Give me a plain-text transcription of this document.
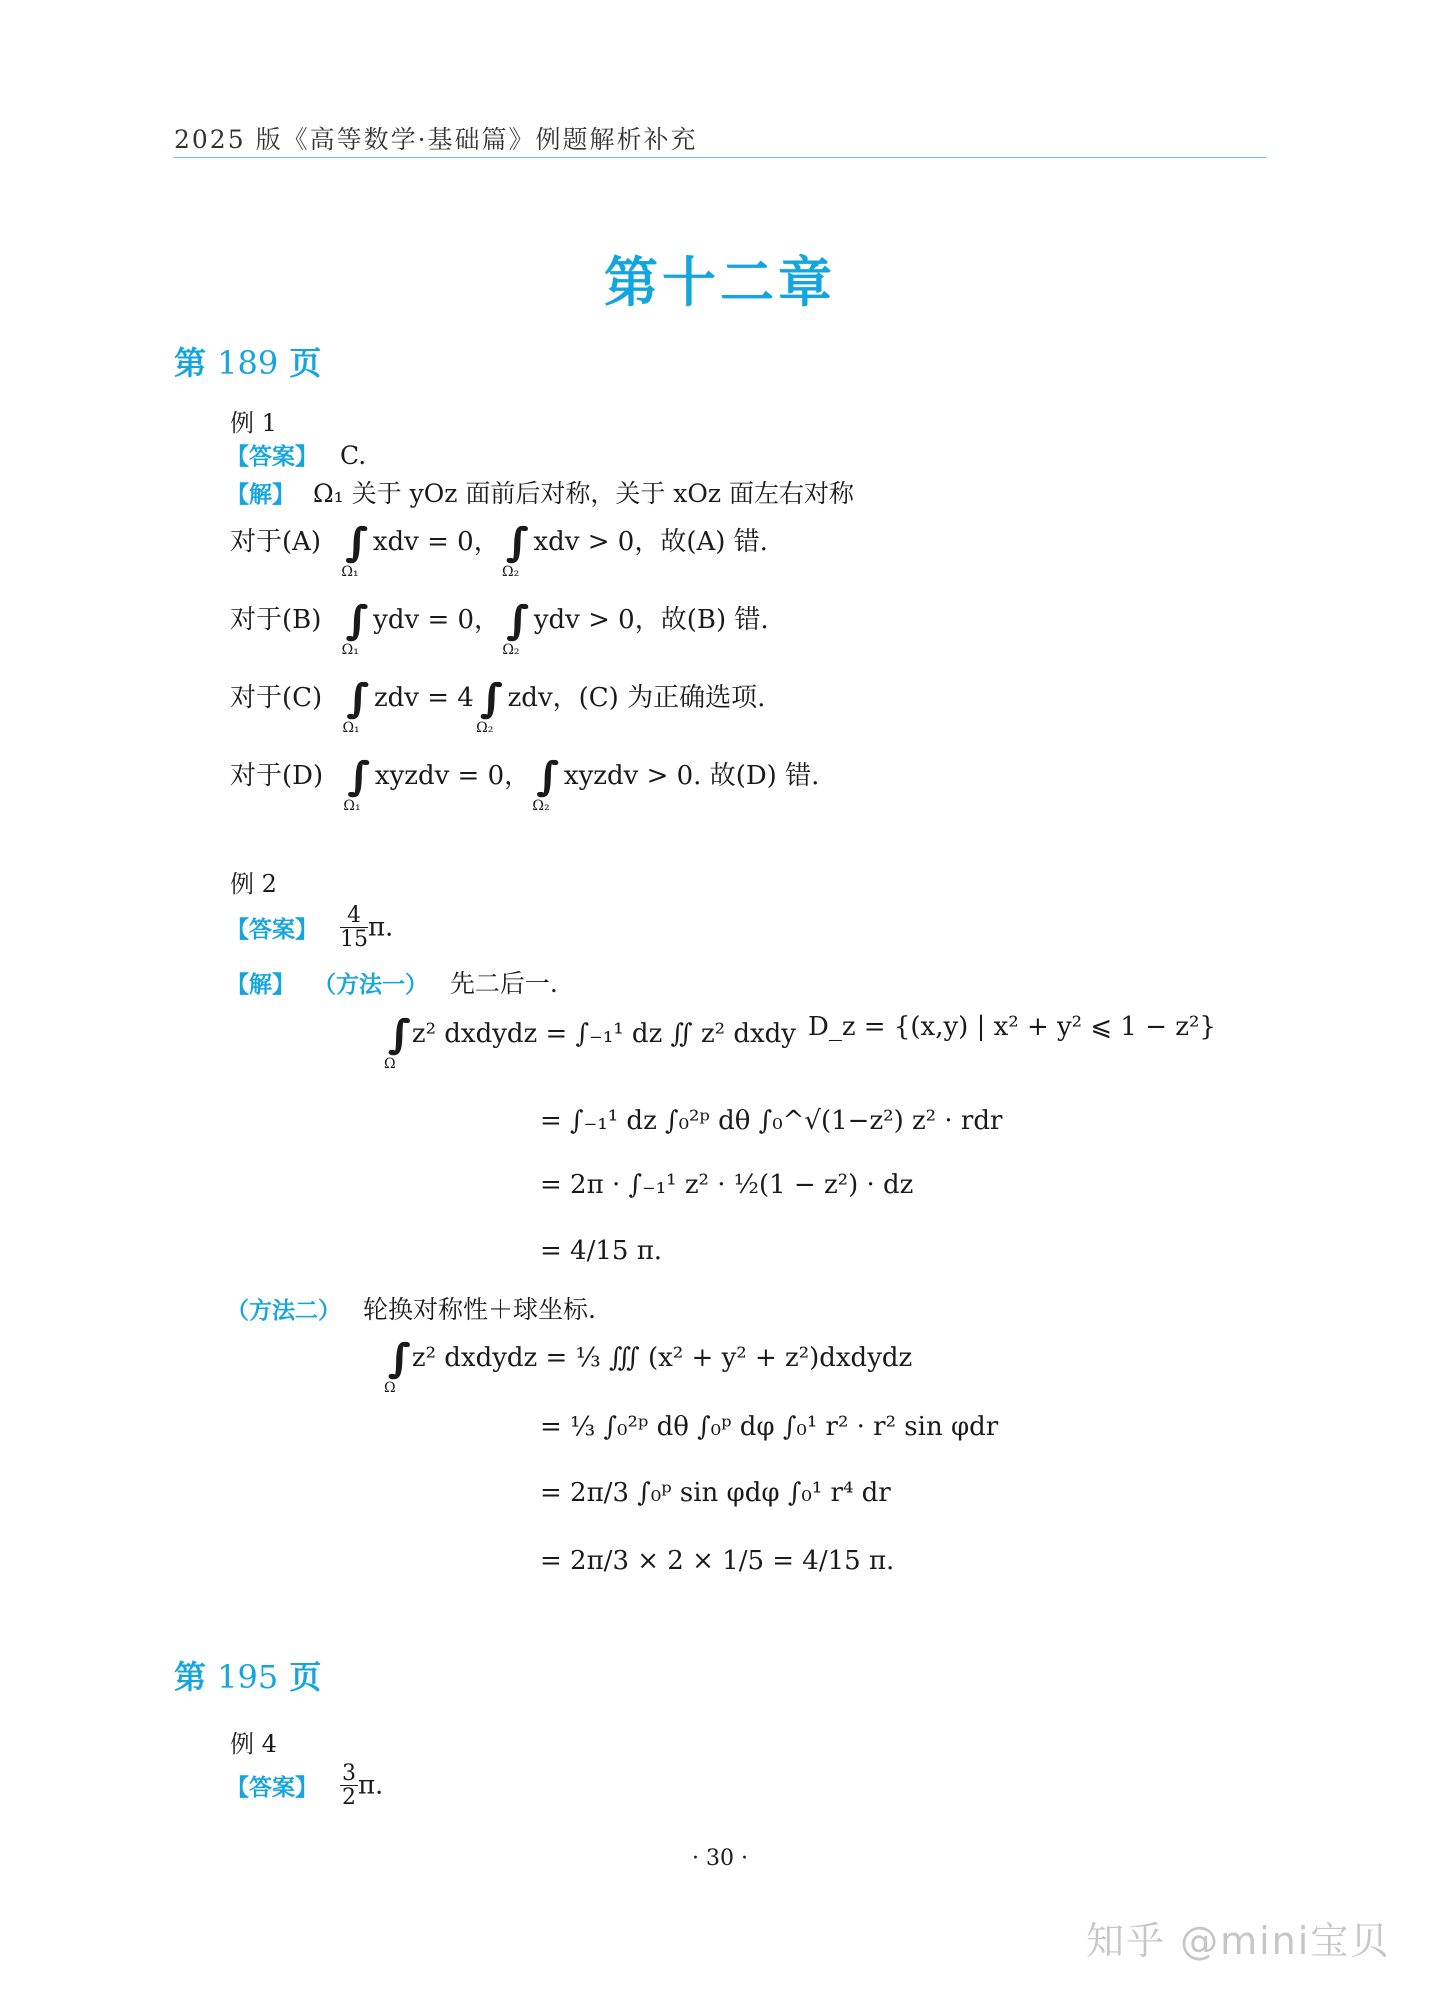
2025 版《高等数学·基础篇》例题解析补充
第十二章
第 189 页
例 1
【答案】 C.
【解】 Ω₁ 关于 yOz 面前后对称，关于 xOz 面左右对称
对于(A) $_{\Omega_1}$ xdv = 0， $_{\Omega_2}$ xdv > 0，故(A) 错.
对于(B) $_{\Omega_1}$ ydv = 0， $_{\Omega_2}$ ydv > 0，故(B) 错.
对于(C) $_{\Omega_1}$ zdv = 4 $_{\Omega_2}$ zdv，(C) 为正确选项.
对于(D) $_{\Omega_1}$ xyzdv = 0， $_{\Omega_2}$ xyzdv > 0. 故(D) 错.
例 2
【答案】 $\frac{4}{15} \pi$.
【解】 （方法一） 先二后一.
$_\Omega$ z² dxdydz = ∫₋₁¹ dz ∬ z² dxdy D_z = {(x,y) | x² + y² ⩽ 1 − z²}
= ∫₋₁¹ dz ∫₀²ᵖ dθ ∫₀^√(1−z²) z² · rdr
= 2π · ∫₋₁¹ z² · ½(1 − z²) · dz
= 4/15 π.
（方法二） 轮换对称性＋球坐标.
$_\Omega$ z² dxdydz = ⅓ ∭ (x² + y² + z²)dxdydz
= ⅓ ∫₀²ᵖ dθ ∫₀ᵖ dφ ∫₀¹ r² · r² sin φdr
= 2π/3 ∫₀ᵖ sin φdφ ∫₀¹ r⁴ dr
= 2π/3 × 2 × 1/5 = 4/15 π.
第 195 页
例 4
【答案】 $\frac{3}{2} \pi$.
· 30 ·
知乎 @mini宝贝
